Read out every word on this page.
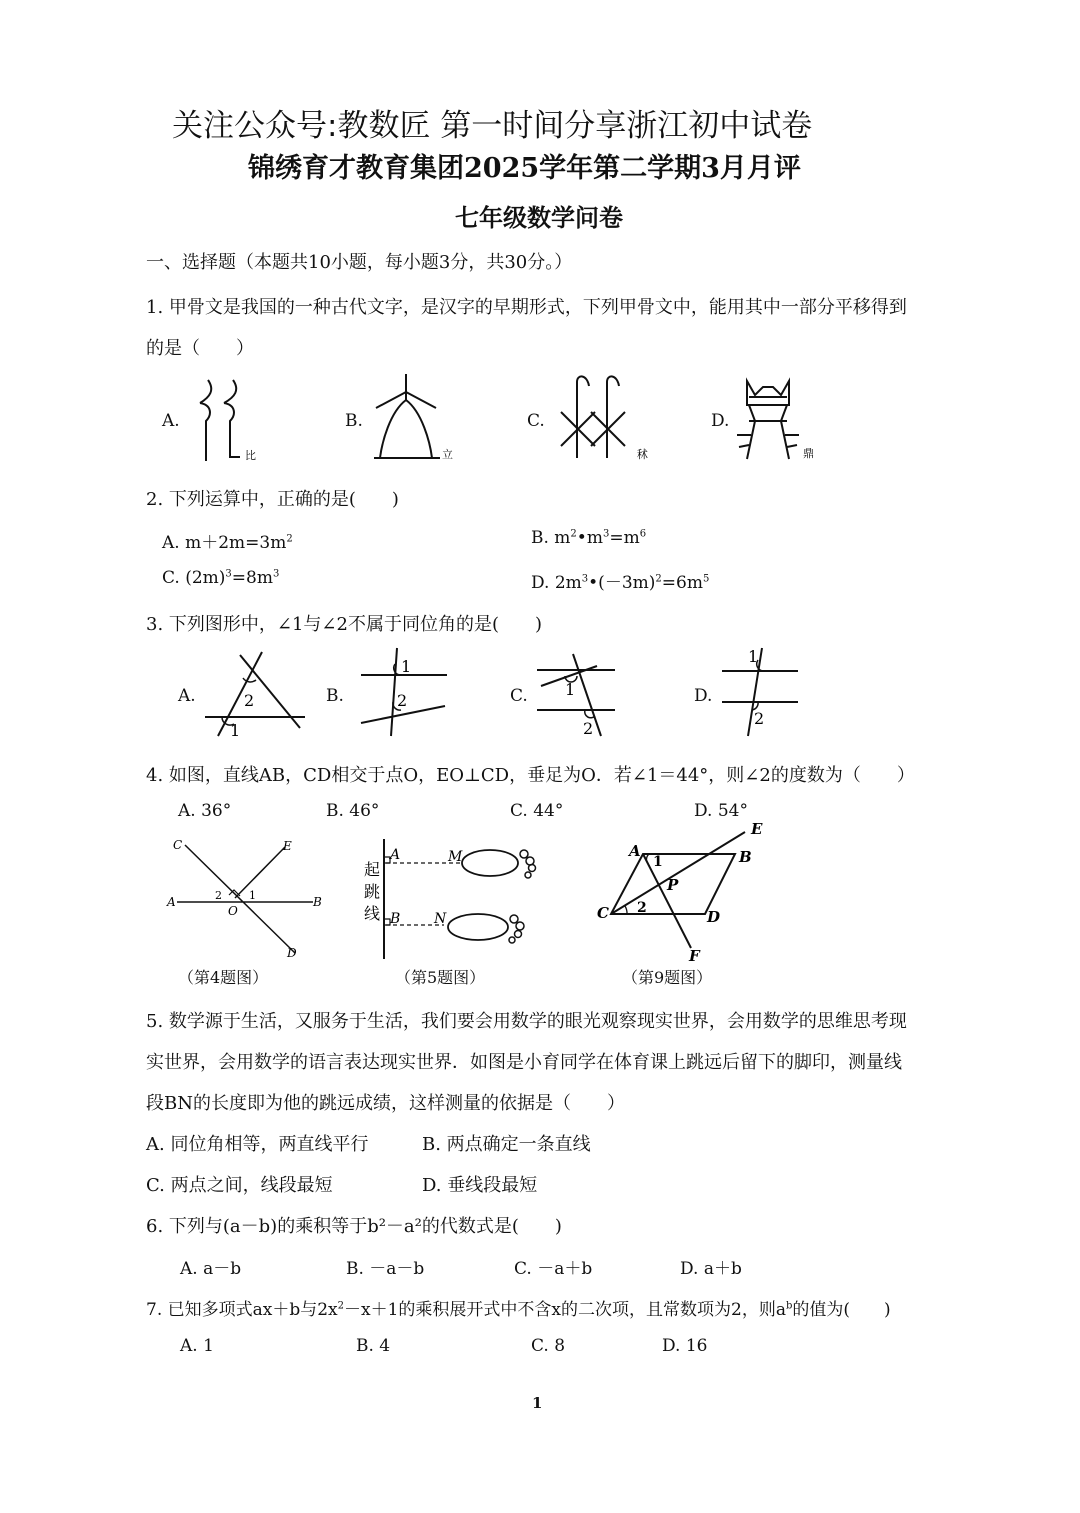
关注公众号:教数匠 第一时间分享浙江初中试卷
锦绣育才教育集团2025学年第二学期3月月评
七年级数学问卷
一、选择题（本题共10小题，每小题3分，共30分。）
1. 甲骨文是我国的一种古代文字，是汉字的早期形式，下列甲骨文中，能用其中一部分平移得到
的是（　　）
A.
比
B.
立
C.
秫
D.
鼎
2. 下列运算中，正确的是(　　)
A. $m+2m=3m^2$	B. $m^2•m^3=m^6$
C. $(2m)^3=8m^3$	D. $2m^3•(-3m)^2=6m^5$
3. 下列图形中，∠1与∠2不属于同位角的是(　　)
A.	2
1
B.
1
2	C. 1
2
D.
1
2
4. 如图，直线AB，CD相交于点O，EO⊥CD，垂足为O．若∠1＝44°，则∠2的度数为（　　）
A. 36°	B. 46°	C. 44°	D. 54°
C	E
A	B
O
D
1
2
（第4题图）
起
跳
线
A	M
B N
（第5题图）
A	B
C	D
E
F
P
1
2
（第9题图）
5. 数学源于生活，又服务于生活，我们要会用数学的眼光观察现实世界，会用数学的思维思考现
实世界，会用数学的语言表达现实世界．如图是小育同学在体育课上跳远后留下的脚印，测量线
段BN的长度即为他的跳远成绩，这样测量的依据是（　　）
A. 同位角相等，两直线平行	B. 两点确定一条直线
C. 两点之间，线段最短	D. 垂线段最短
6. 下列与(a－b)的乘积等于b²－a²的代数式是(　　)
A. a－b	B. －a－b	C. －a＋b	D. a＋b
7. 已知多项式ax＋b与$2x^2-x+1$的乘积展开式中不含x的二次项，且常数项为2，则$a^b$的值为(　　)
A. 1	B. 4	C. 8	D. 16
1
